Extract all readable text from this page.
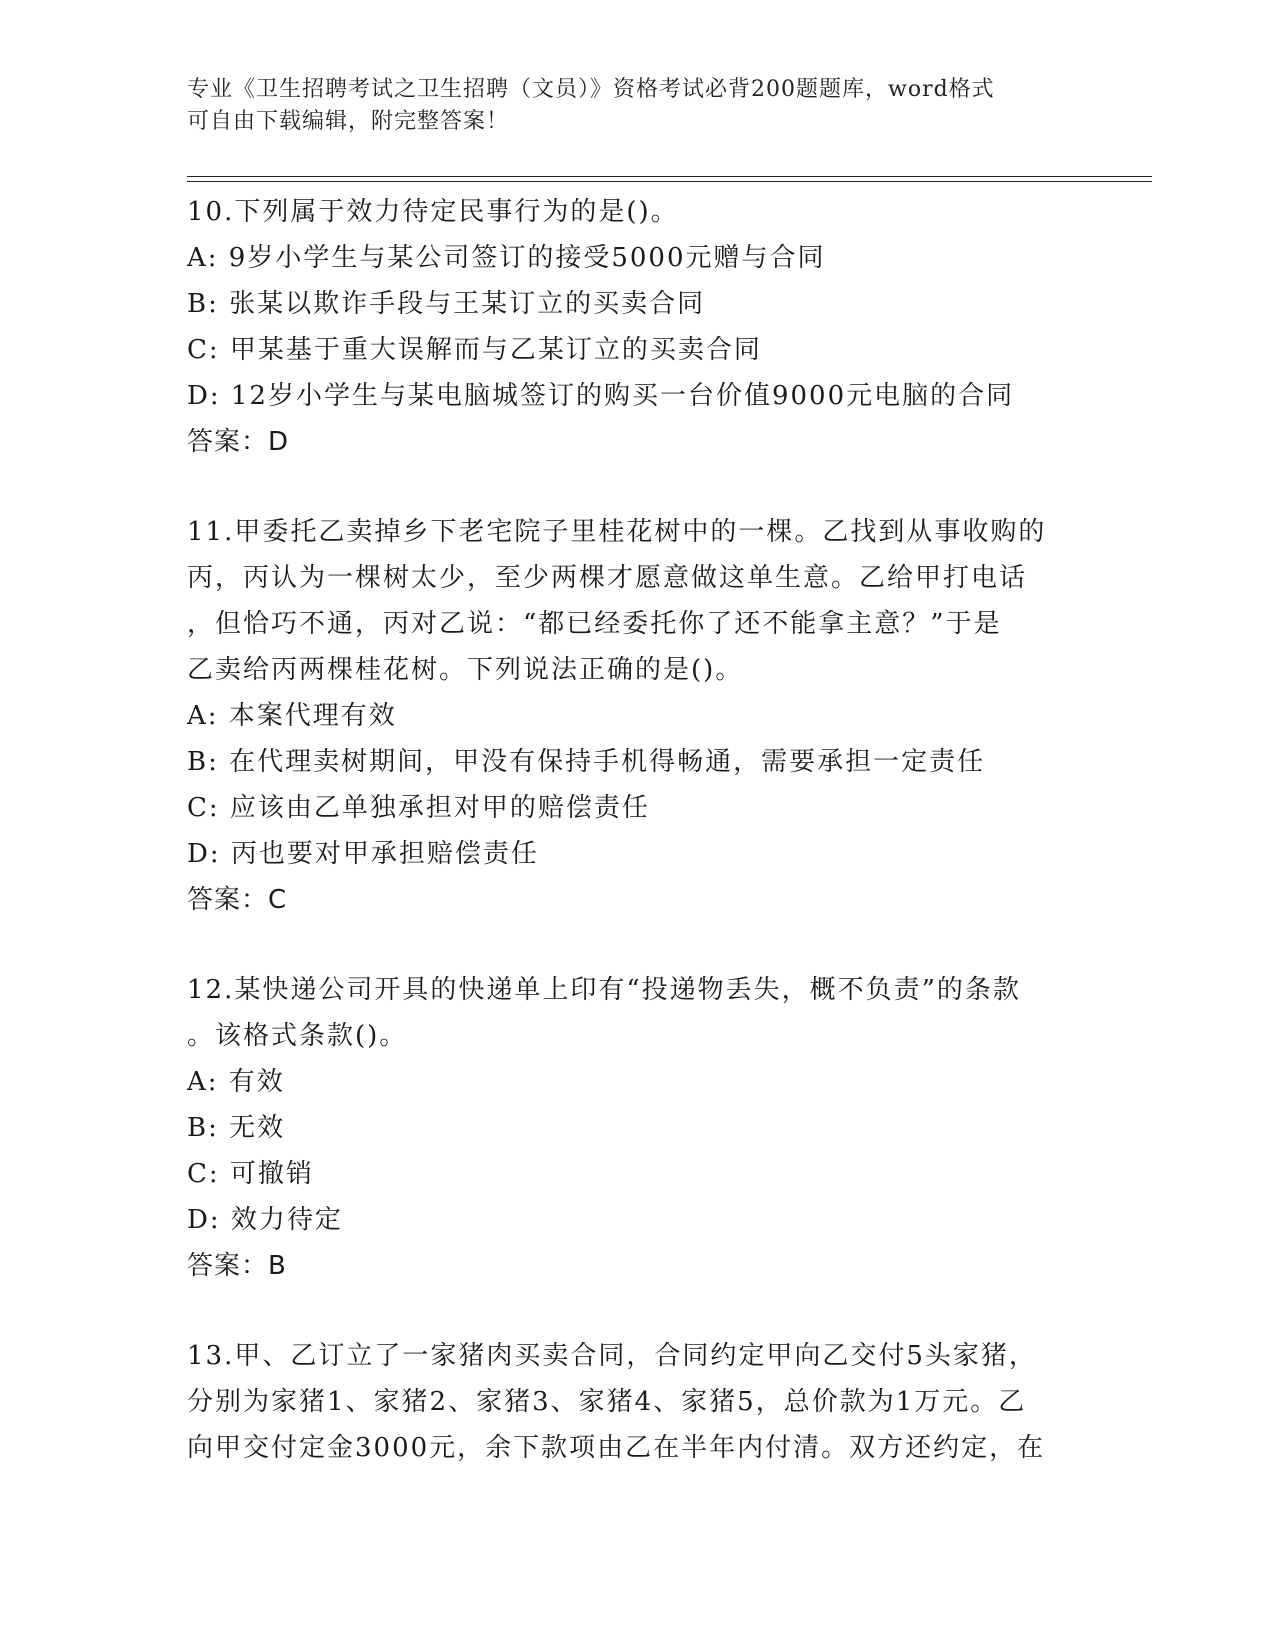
专业《卫生招聘考试之卫生招聘（文员）》资格考试必背200题题库，word格式
可自由下载编辑，附完整答案！
10.下列属于效力待定民事行为的是()。
A: 9岁小学生与某公司签订的接受5000元赠与合同
B: 张某以欺诈手段与王某订立的买卖合同
C: 甲某基于重大误解而与乙某订立的买卖合同
D: 12岁小学生与某电脑城签订的购买一台价值9000元电脑的合同
答案：D
11.甲委托乙卖掉乡下老宅院子里桂花树中的一棵。乙找到从事收购的
丙，丙认为一棵树太少，至少两棵才愿意做这单生意。乙给甲打电话
，但恰巧不通，丙对乙说：“都已经委托你了还不能拿主意？”于是
乙卖给丙两棵桂花树。下列说法正确的是()。
A: 本案代理有效
B: 在代理卖树期间，甲没有保持手机得畅通，需要承担一定责任
C: 应该由乙单独承担对甲的赔偿责任
D: 丙也要对甲承担赔偿责任
答案：C
12.某快递公司开具的快递单上印有“投递物丢失，概不负责”的条款
。该格式条款()。
A: 有效
B: 无效
C: 可撤销
D: 效力待定
答案：B
13.甲、乙订立了一家猪肉买卖合同，合同约定甲向乙交付5头家猪，
分别为家猪1、家猪2、家猪3、家猪4、家猪5，总价款为1万元。乙
向甲交付定金3000元，余下款项由乙在半年内付清。双方还约定，在
